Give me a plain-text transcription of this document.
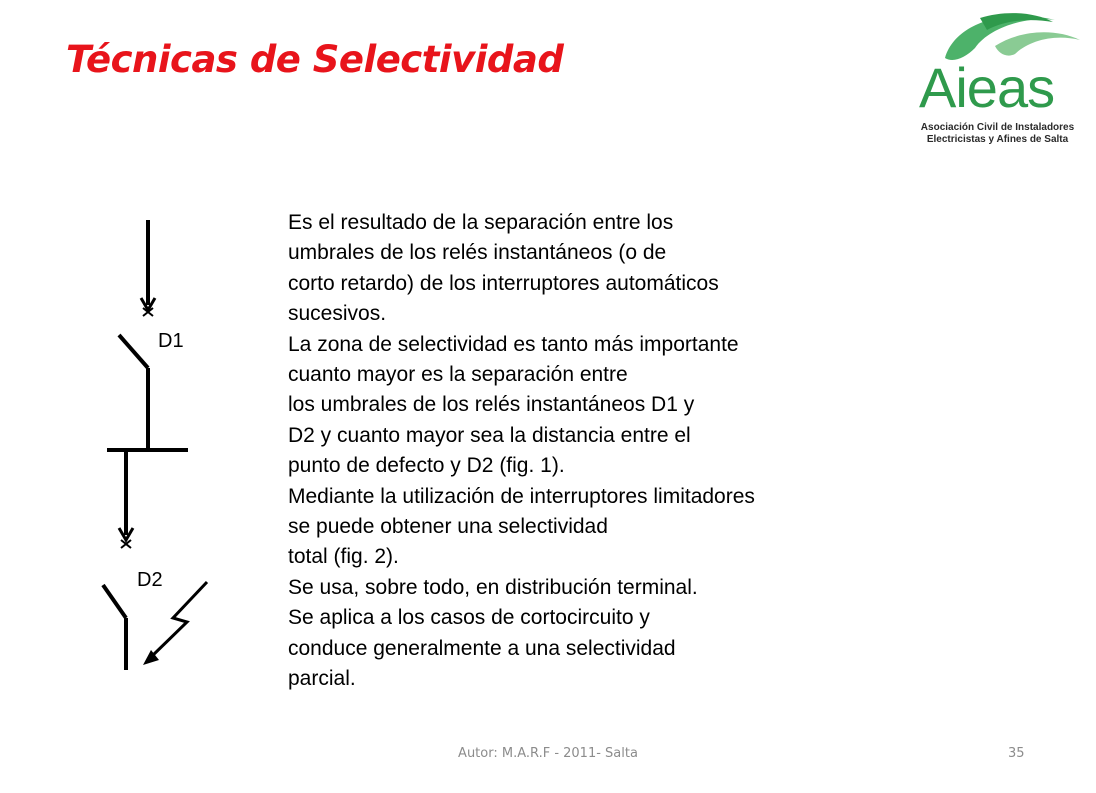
Técnicas de Selectividad	Aieas
Asociación Civil de Instaladores
Electricistas y Afines de Salta
D1
D2
Es el resultado de la separación entre los
umbrales de los relés instantáneos (o de
corto retardo) de los interruptores automáticos
sucesivos.
La zona de selectividad es tanto más importante
cuanto mayor es la separación entre
los umbrales de los relés instantáneos D1 y
D2 y cuanto mayor sea la distancia entre el
punto de defecto y D2 (fig. 1).
Mediante la utilización de interruptores limitadores
se puede obtener una selectividad
total (fig. 2).
Se usa, sobre todo, en distribución terminal.
Se aplica a los casos de cortocircuito y
conduce generalmente a una selectividad
parcial.
Autor: M.A.R.F - 2011- Salta	35
